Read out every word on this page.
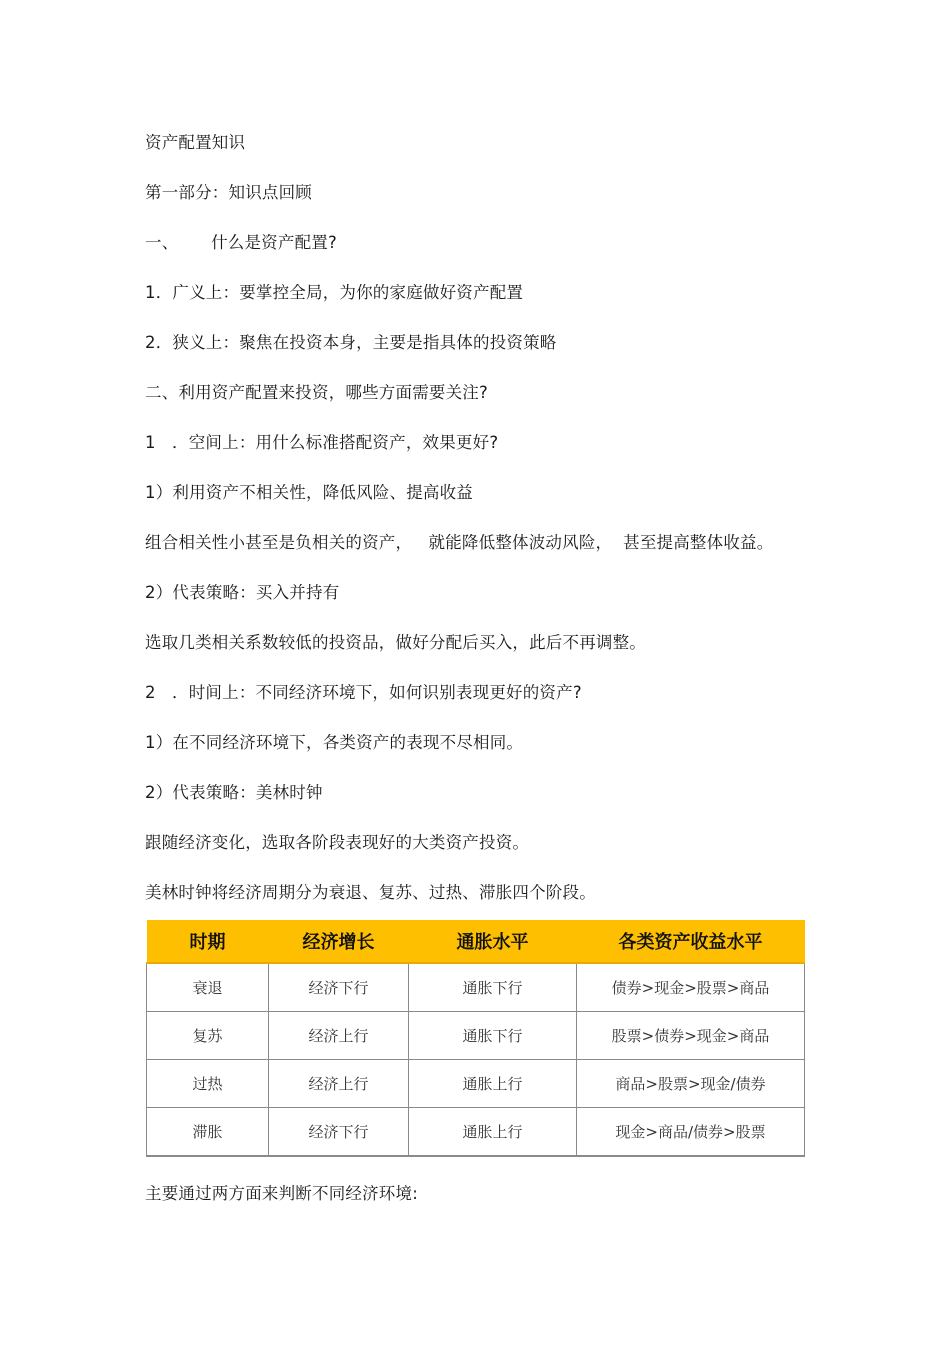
资产配置知识
第一部分：知识点回顾
一、      什么是资产配置?
1．广义上：要掌控全局，为你的家庭做好资产配置
2．狭义上：聚焦在投资本身，主要是指具体的投资策略
二、利用资产配置来投资，哪些方面需要关注?
1   ．空间上：用什么标准搭配资产，效果更好?
1）利用资产不相关性，降低风险、提高收益
组合相关性小甚至是负相关的资产，   就能降低整体波动风险，  甚至提高整体收益。
2）代表策略：买入并持有
选取几类相关系数较低的投资品，做好分配后买入，此后不再调整。
2   ．时间上：不同经济环境下，如何识别表现更好的资产?
1）在不同经济环境下，各类资产的表现不尽相同。
2）代表策略：美林时钟
跟随经济变化，选取各阶段表现好的大类资产投资。
美林时钟将经济周期分为衰退、复苏、过热、滞胀四个阶段。
时期	经济增长	通胀水平	各类资产收益水平
衰退	经济下行	通胀下行	债券>现金>股票>商品
复苏	经济上行	通胀下行	股票>债券>现金>商品
过热	经济上行	通胀上行	商品>股票>现金/债券
滞胀	经济下行	通胀上行	现金>商品/债券>股票
主要通过两方面来判断不同经济环境:
